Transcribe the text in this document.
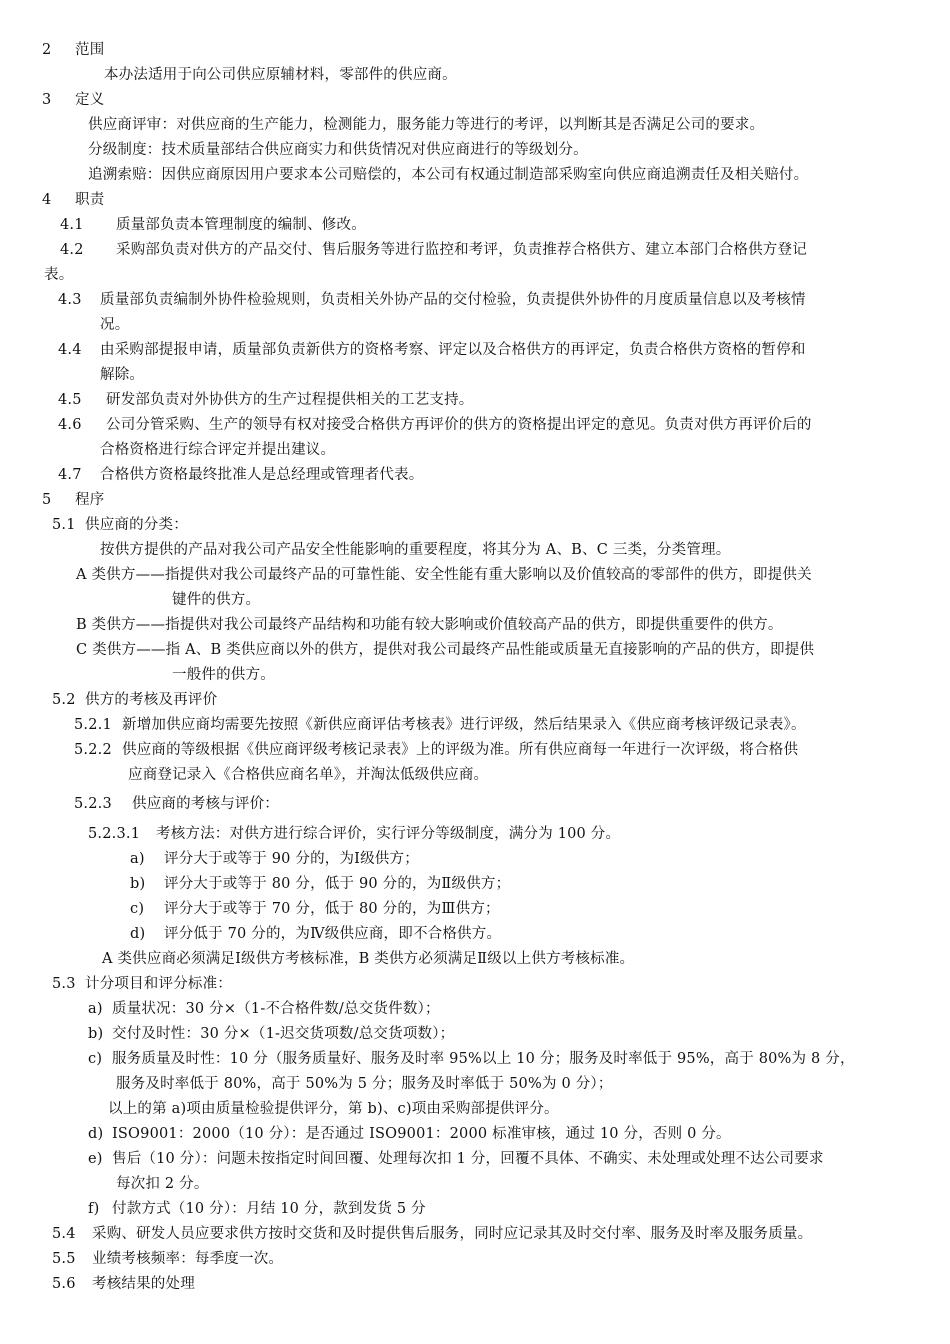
2 范围
本办法适用于向公司供应原辅材料，零部件的供应商。
3 定义
供应商评审：对供应商的生产能力，检测能力，服务能力等进行的考评，以判断其是否满足公司的要求。
分级制度：技术质量部结合供应商实力和供货情况对供应商进行的等级划分。
追溯索赔：因供应商原因用户要求本公司赔偿的，本公司有权通过制造部采购室向供应商追溯责任及相关赔付。
4 职责
4.1 质量部负责本管理制度的编制、修改。
4.2 采购部负责对供方的产品交付、售后服务等进行监控和考评，负责推荐合格供方、建立本部门合格供方登记
表。
4.3 质量部负责编制外协件检验规则，负责相关外协产品的交付检验，负责提供外协件的月度质量信息以及考核情
况。
4.4 由采购部提报申请，质量部负责新供方的资格考察、评定以及合格供方的再评定，负责合格供方资格的暂停和
解除。
4.5 研发部负责对外协供方的生产过程提供相关的工艺支持。
4.6 公司分管采购、生产的领导有权对接受合格供方再评价的供方的资格提出评定的意见。负责对供方再评价后的
合格资格进行综合评定并提出建议。
4.7 合格供方资格最终批准人是总经理或管理者代表。
5 程序
5.1 供应商的分类：
按供方提供的产品对我公司产品安全性能影响的重要程度，将其分为 A、B、C 三类，分类管理。
A 类供方——指提供对我公司最终产品的可靠性能、安全性能有重大影响以及价值较高的零部件的供方，即提供关
键件的供方。
B 类供方——指提供对我公司最终产品结构和功能有较大影响或价值较高产品的供方，即提供重要件的供方。
C 类供方——指 A、B 类供应商以外的供方，提供对我公司最终产品性能或质量无直接影响的产品的供方，即提供
一般件的供方。
5.2 供方的考核及再评价
5.2.1 新增加供应商均需要先按照《新供应商评估考核表》进行评级，然后结果录入《供应商考核评级记录表》。
5.2.2 供应商的等级根据《供应商评级考核记录表》上的评级为准。所有供应商每一年进行一次评级，将合格供
应商登记录入《合格供应商名单》，并淘汰低级供应商。
5.2.3 供应商的考核与评价：
5.2.3.1 考核方法：对供方进行综合评价，实行评分等级制度，满分为 100 分。
a) 评分大于或等于 90 分的，为Ⅰ级供方；
b) 评分大于或等于 80 分，低于 90 分的，为Ⅱ级供方；
c) 评分大于或等于 70 分，低于 80 分的，为Ⅲ供方；
d) 评分低于 70 分的，为Ⅳ级供应商，即不合格供方。
A 类供应商必须满足Ⅰ级供方考核标准，B 类供方必须满足Ⅱ级以上供方考核标准。
5.3 计分项目和评分标准：
a) 质量状况：30 分×（1-不合格件数/总交货件数）；
b) 交付及时性：30 分×（1-迟交货项数/总交货项数）；
c) 服务质量及时性：10 分（服务质量好、服务及时率 95%以上 10 分；服务及时率低于 95%，高于 80%为 8 分，
服务及时率低于 80%，高于 50%为 5 分；服务及时率低于 50%为 0 分）；
以上的第 a)项由质量检验提供评分，第 b)、c)项由采购部提供评分。
d) ISO9001：2000（10 分）：是否通过 ISO9001：2000 标准审核，通过 10 分，否则 0 分。
e) 售后（10 分）：问题未按指定时间回覆、处理每次扣 1 分，回覆不具体、不确实、未处理或处理不达公司要求
每次扣 2 分。
f) 付款方式（10 分）：月结 10 分，款到发货 5 分
5.4 采购、研发人员应要求供方按时交货和及时提供售后服务，同时应记录其及时交付率、服务及时率及服务质量。
5.5 业绩考核频率：每季度一次。
5.6 考核结果的处理
